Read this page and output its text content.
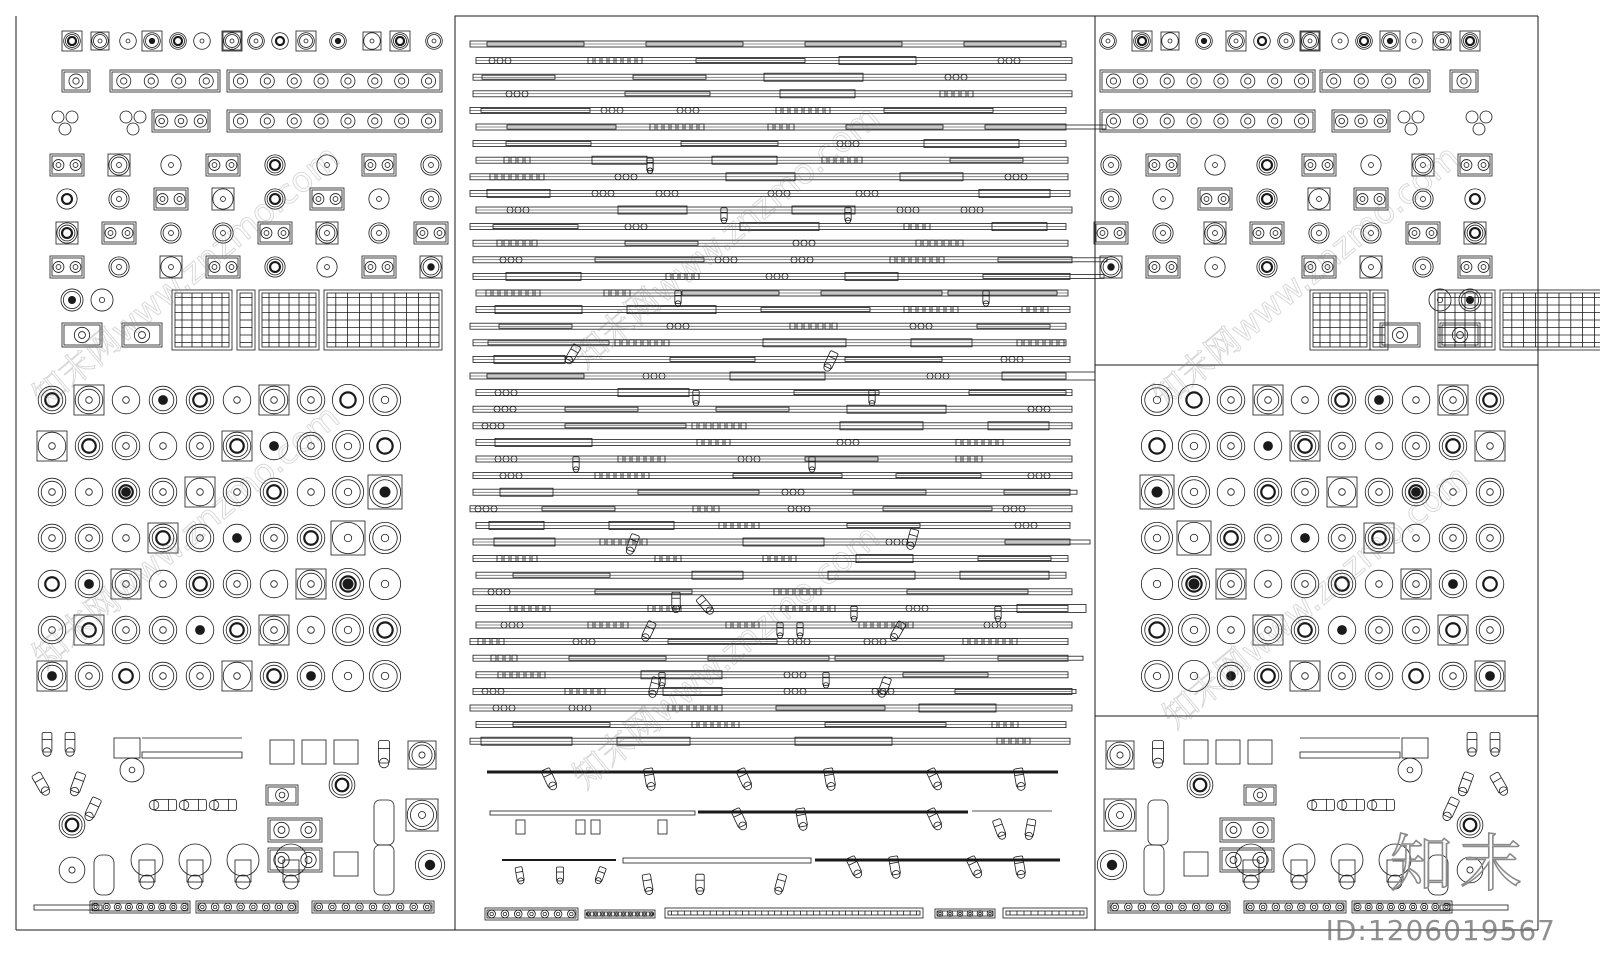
知末网www.znzmo.com	知末网www.znzmo.com
知末网www.znzmo.com
知末网www.znzmo.com
知末网www.znzmo.com	知末网www.znzmo.com
知末
ID:1206019567
